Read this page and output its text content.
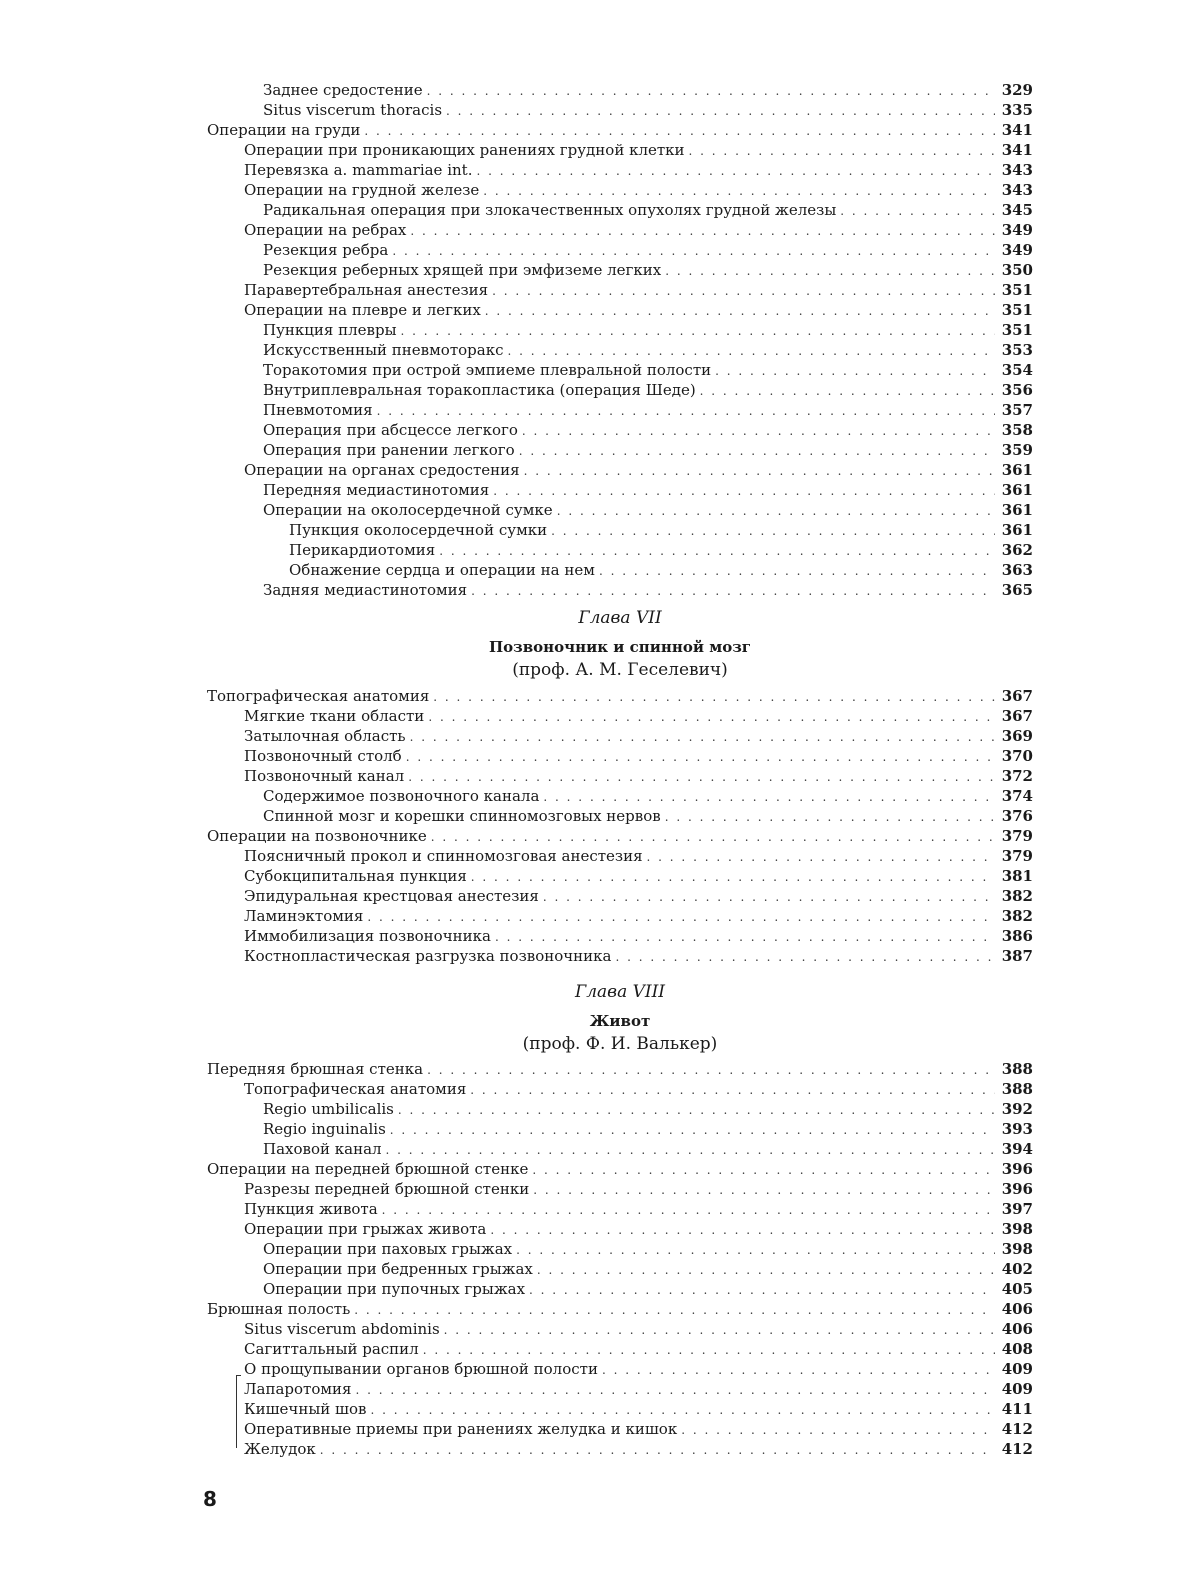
Заднее средостение . . .	329
Situs viscerum thoracis . . .	335
Операции на груди . . .	341
Операции при проникающих ранениях грудной клетки . . .	341
Перевязка a. mammariae int. . . .	343
Операции на грудной железе . . .	343
Радикальная операция при злокачественных опухолях грудной железы . . .	345
Операции на ребрах . . .	349
Резекция ребра . . .	349
Резекция реберных хрящей при эмфиземе легких . . .	350
Паравертебральная анестезия . . .	351
Операции на плевре и легких . . .	351
Пункция плевры . . .	351
Искусственный пневмоторакс . . .	353
Торакотомия при острой эмпиеме плевральной полости . . .	354
Внутриплевральная торакопластика (операция Шеде) . . .	356
Пневмотомия . . .	357
Операция при абсцессе легкого . . .	358
Операция при ранении легкого . . .	359
Операции на органах средостения . . .	361
Передняя медиастинотомия . . .	361
Операции на околосердечной сумке . . .	361
Пункция околосердечной сумки . . .	361
Перикардиотомия . . .	362
Обнажение сердца и операции на нем . . .	363
Задняя медиастинотомия . . .	365
Глава VII
Позвоночник и спинной мозг
(проф. А. М. Геселевич)
Топографическая анатомия . . .	367
Мягкие ткани области . . .	367
Затылочная область . . .	369
Позвоночный столб . . .	370
Позвоночный канал . . .	372
Содержимое позвоночного канала . . .	374
Спинной мозг и корешки спинномозговых нервов . . .	376
Операции на позвоночнике . . .	379
Поясничный прокол и спинномозговая анестезия . . .	379
Субокципитальная пункция . . .	381
Эпидуральная крестцовая анестезия . . .	382
Ламинэктомия . . .	382
Иммобилизация позвоночника . . .	386
Костнопластическая разгрузка позвоночника . . .	387
Глава VIII
Живот
(проф. Ф. И. Валькер)
Передняя брюшная стенка . . .	388
Топографическая анатомия . . .	388
Regio umbilicalis . . .	392
Regio inguinalis . . .	393
Паховой канал . . .	394
Операции на передней брюшной стенке . . .	396
Разрезы передней брюшной стенки . . .	396
Пункция живота . . .	397
Операции при грыжах живота . . .	398
Операции при паховых грыжах . . .	398
Операции при бедренных грыжах . . .	402
Операции при пупочных грыжах . . .	405
Брюшная полость . . .	406
Situs viscerum abdominis . . .	406
Сагиттальный распил . . .	408
О прощупывании органов брюшной полости . . .	409
Лапаротомия . . .	409
Кишечный шов . . .	411
Оперативные приемы при ранениях желудка и кишок . . .	412
Желудок . . .	412
8
